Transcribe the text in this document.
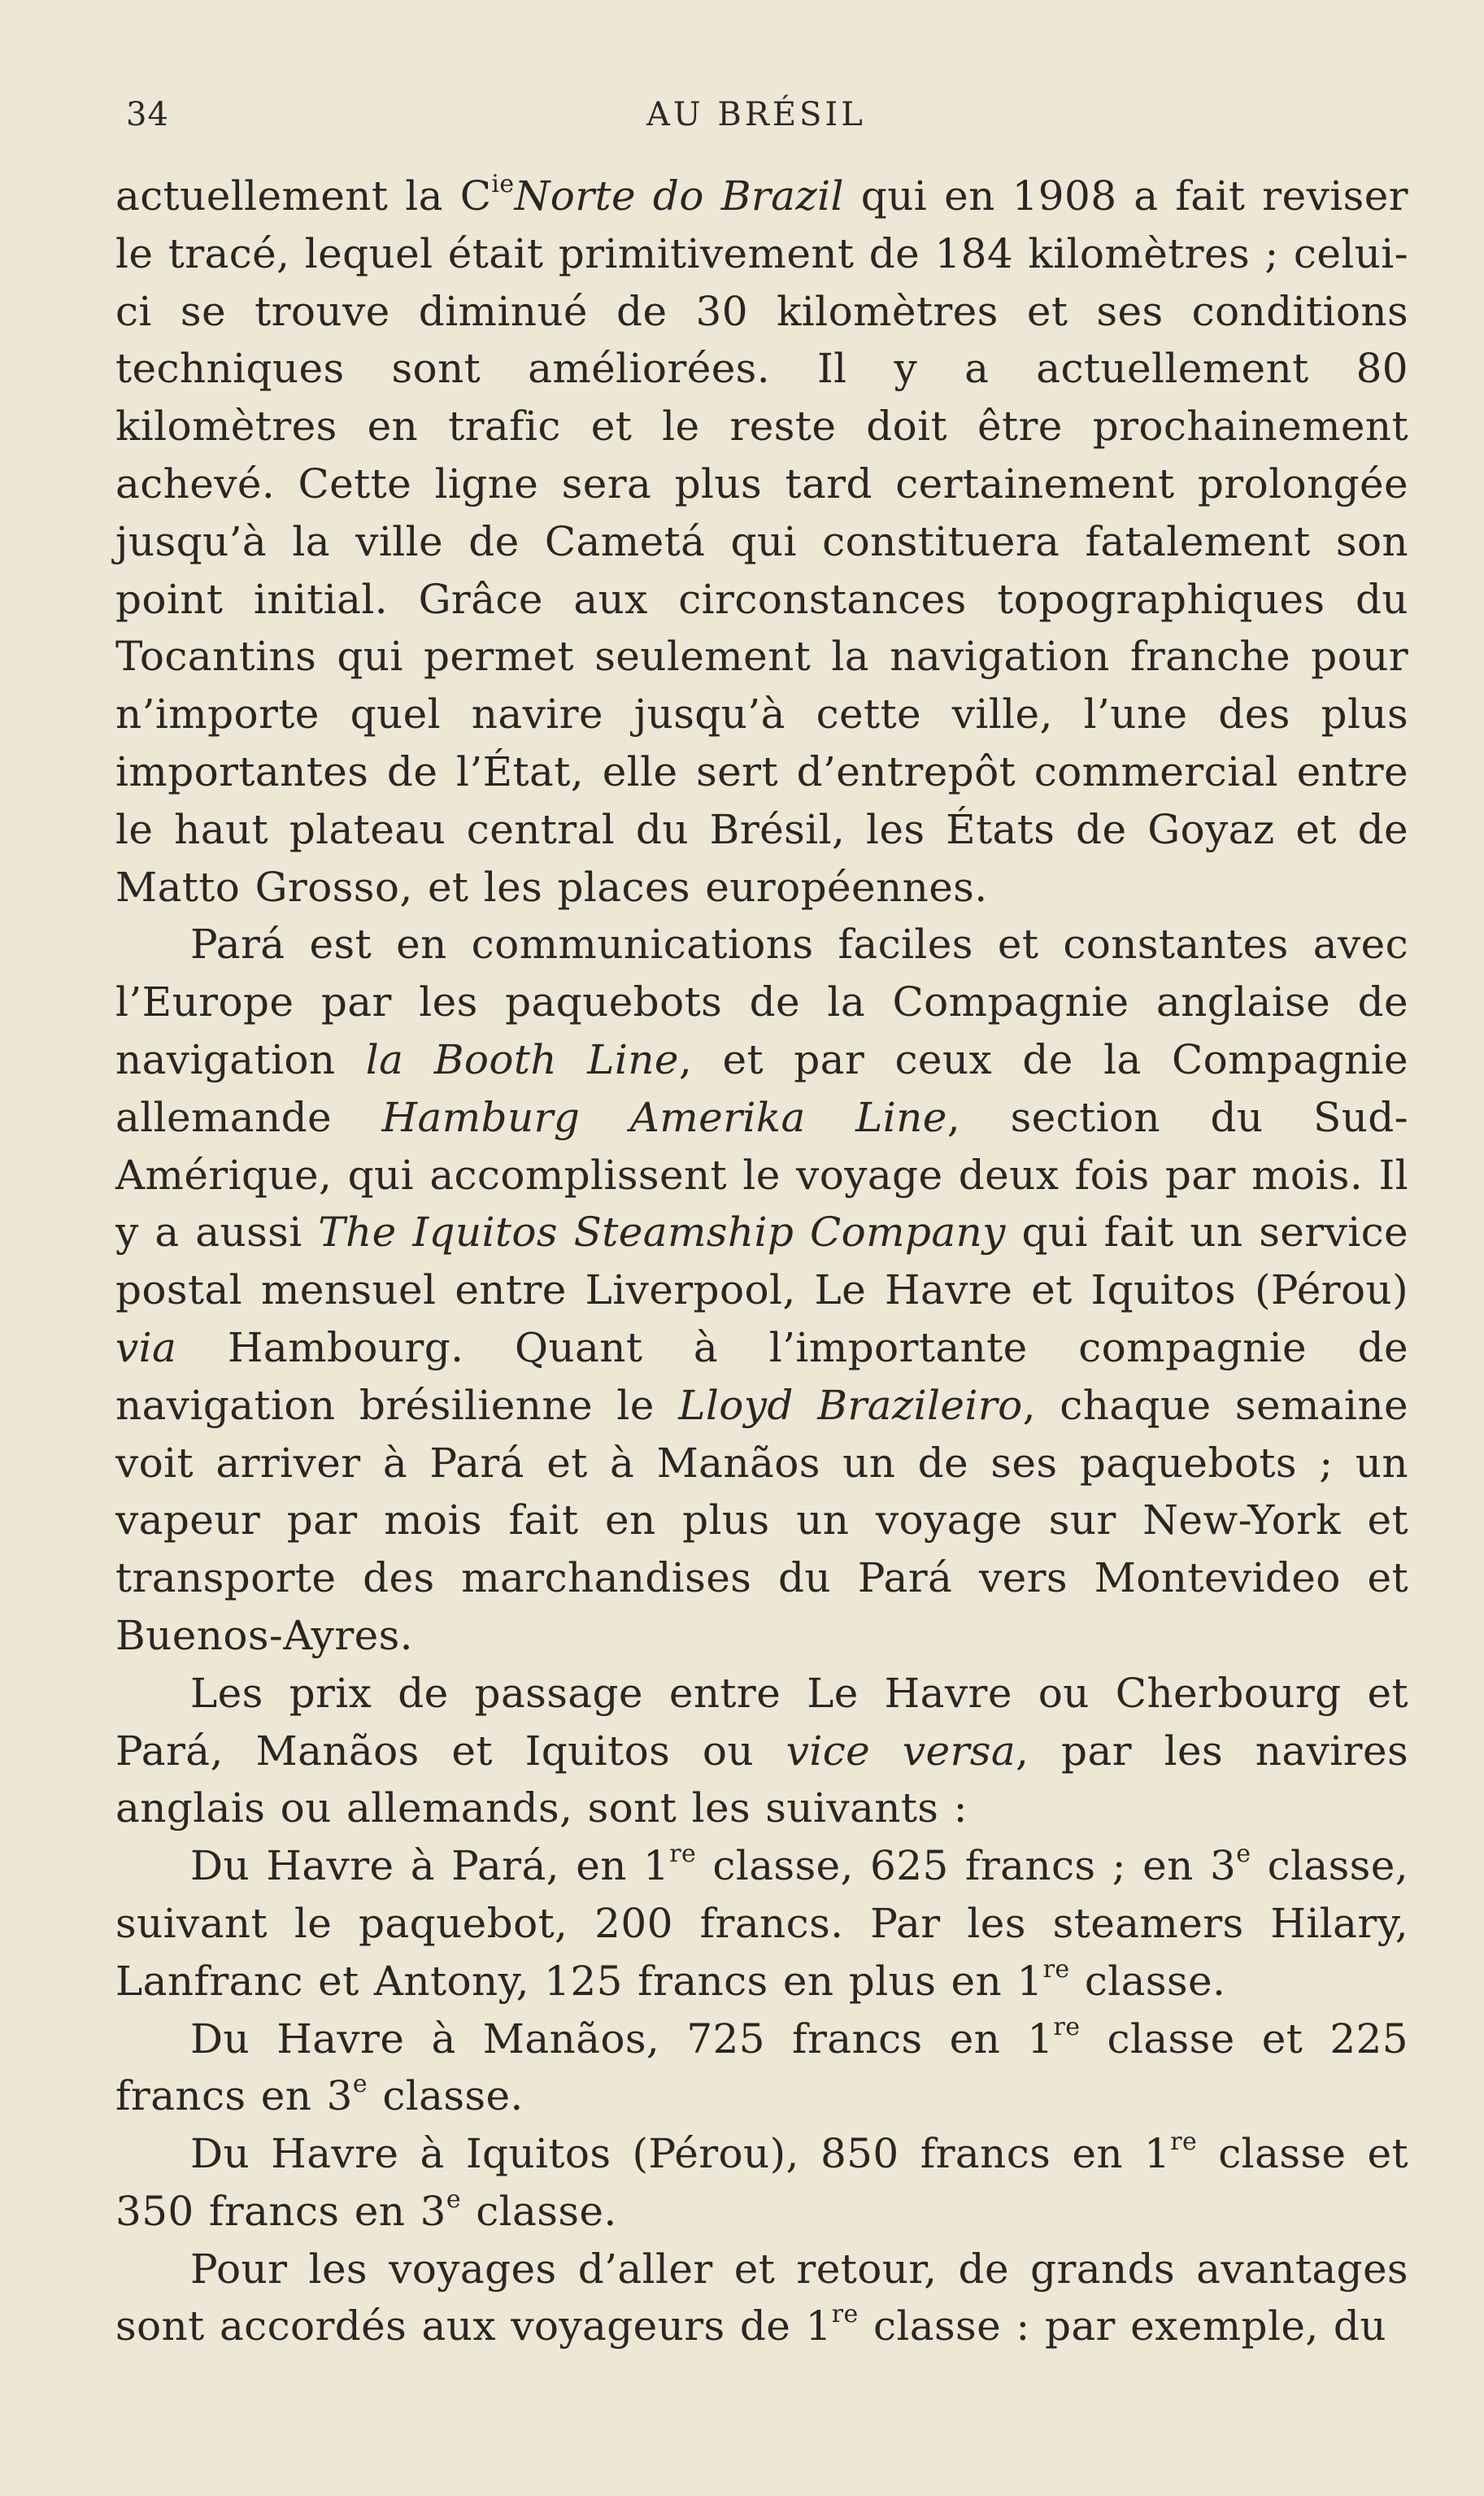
34	AU BRÉSIL

actuellement la $C^{ie}Norte$ do Brazil qui en 1908 a fait reviser le tracé, lequel était primitivement de 184 kilomètres ; celui-ci se trouve diminué de 30 kilomètres et ses conditions techniques sont améliorées. Il y a actuellement 80 kilomètres en trafic et le reste doit être prochainement achevé. Cette ligne sera plus tard certainement prolongée jusqu’à la ville de Cametá qui constituera fatalement son point initial. Grâce aux circonstances topographiques du Tocantins qui permet seulement la navigation franche pour n’importe quel navire jusqu’à cette ville, l’une des plus importantes de l’État, elle sert d’entrepôt commercial entre le haut plateau central du Brésil, les États de Goyaz et de Matto Grosso, et les places européennes.

Pará est en communications faciles et constantes avec l’Europe par les paquebots de la Compagnie anglaise de navigation la Booth Line, et par ceux de la Compagnie allemande Hamburg Amerika Line, section du Sud-Amérique, qui accomplissent le voyage deux fois par mois. Il y a aussi The Iquitos Steamship Company qui fait un service postal mensuel entre Liverpool, Le Havre et Iquitos (Pérou) via Hambourg. Quant à l’importante compagnie de navigation brésilienne le Lloyd Brazileiro, chaque semaine voit arriver à Pará et à Manãos un de ses paquebots ; un vapeur par mois fait en plus un voyage sur New-York et transporte des marchandises du Pará vers Montevideo et Buenos-Ayres.

Les prix de passage entre Le Havre ou Cherbourg et Pará, Manãos et Iquitos ou vice versa, par les navires anglais ou allemands, sont les suivants :

Du Havre à Pará, en 1re classe, 625 francs ; en 3e classe, suivant le paquebot, 200 francs. Par les steamers Hilary, Lanfranc et Antony, 125 francs en plus en 1re classe.

Du Havre à Manãos, 725 francs en 1re classe et 225 francs en 3e classe.

Du Havre à Iquitos (Pérou), 850 francs en 1re classe et 350 francs en 3e classe.

Pour les voyages d’aller et retour, de grands avantages sont accordés aux voyageurs de 1re classe : par exemple, du
